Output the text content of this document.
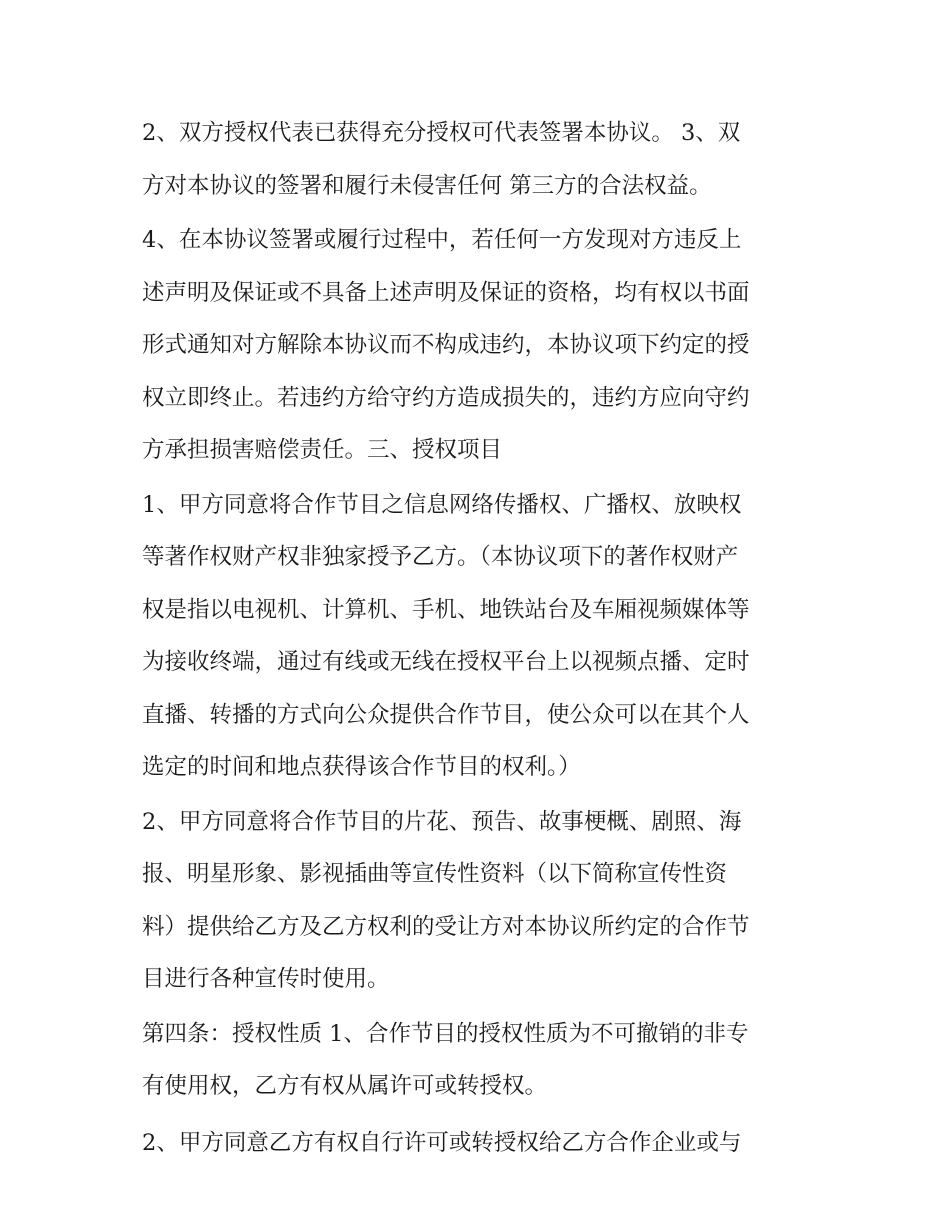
2、双方授权代表已获得充分授权可代表签署本协议。 3、双
方对本协议的签署和履行未侵害任何 第三方的合法权益。
4、在本协议签署或履行过程中，若任何一方发现对方违反上
述声明及保证或不具备上述声明及保证的资格，均有权以书面
形式通知对方解除本协议而不构成违约，本协议项下约定的授
权立即终止。若违约方给守约方造成损失的，违约方应向守约
方承担损害赔偿责任。三、授权项目
1、甲方同意将合作节目之信息网络传播权、广播权、放映权
等著作权财产权非独家授予乙方。（本协议项下的著作权财产
权是指以电视机、计算机、手机、地铁站台及车厢视频媒体等
为接收终端，通过有线或无线在授权平台上以视频点播、定时
直播、转播的方式向公众提供合作节目，使公众可以在其个人
选定的时间和地点获得该合作节目的权利。）
2、甲方同意将合作节目的片花、预告、故事梗概、剧照、海
报、明星形象、影视插曲等宣传性资料（以下简称宣传性资
料）提供给乙方及乙方权利的受让方对本协议所约定的合作节
目进行各种宣传时使用。
第四条：授权性质 1、合作节目的授权性质为不可撤销的非专
有使用权，乙方有权从属许可或转授权。
2、甲方同意乙方有权自行许可或转授权给乙方合作企业或与
